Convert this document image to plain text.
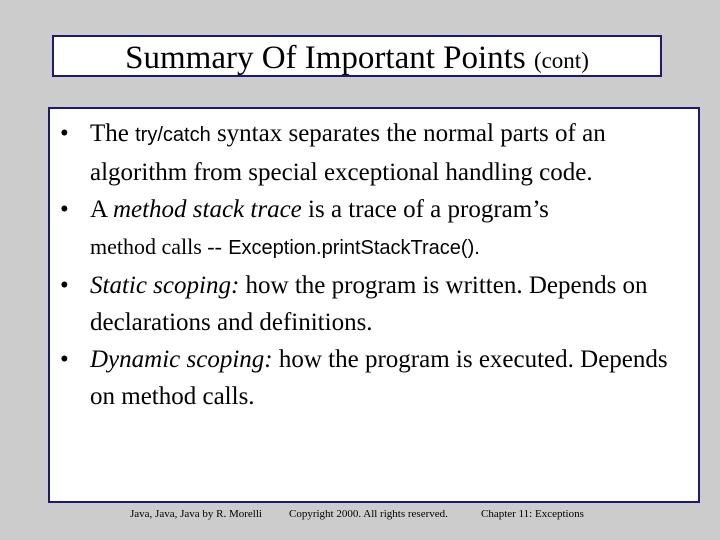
Summary Of Important Points (cont)
• The try/catch syntax separates the normal parts of an algorithm from special exceptional handling code.
• A method stack trace is a trace of a program’s
method calls -- Exception.printStackTrace().
• Static scoping: how the program is written. Depends on declarations and definitions.
• Dynamic scoping: how the program is executed. Depends on method calls.
Java, Java, Java by R. Morelli Copyright 2000. All rights reserved.	Chapter 11: Exceptions
